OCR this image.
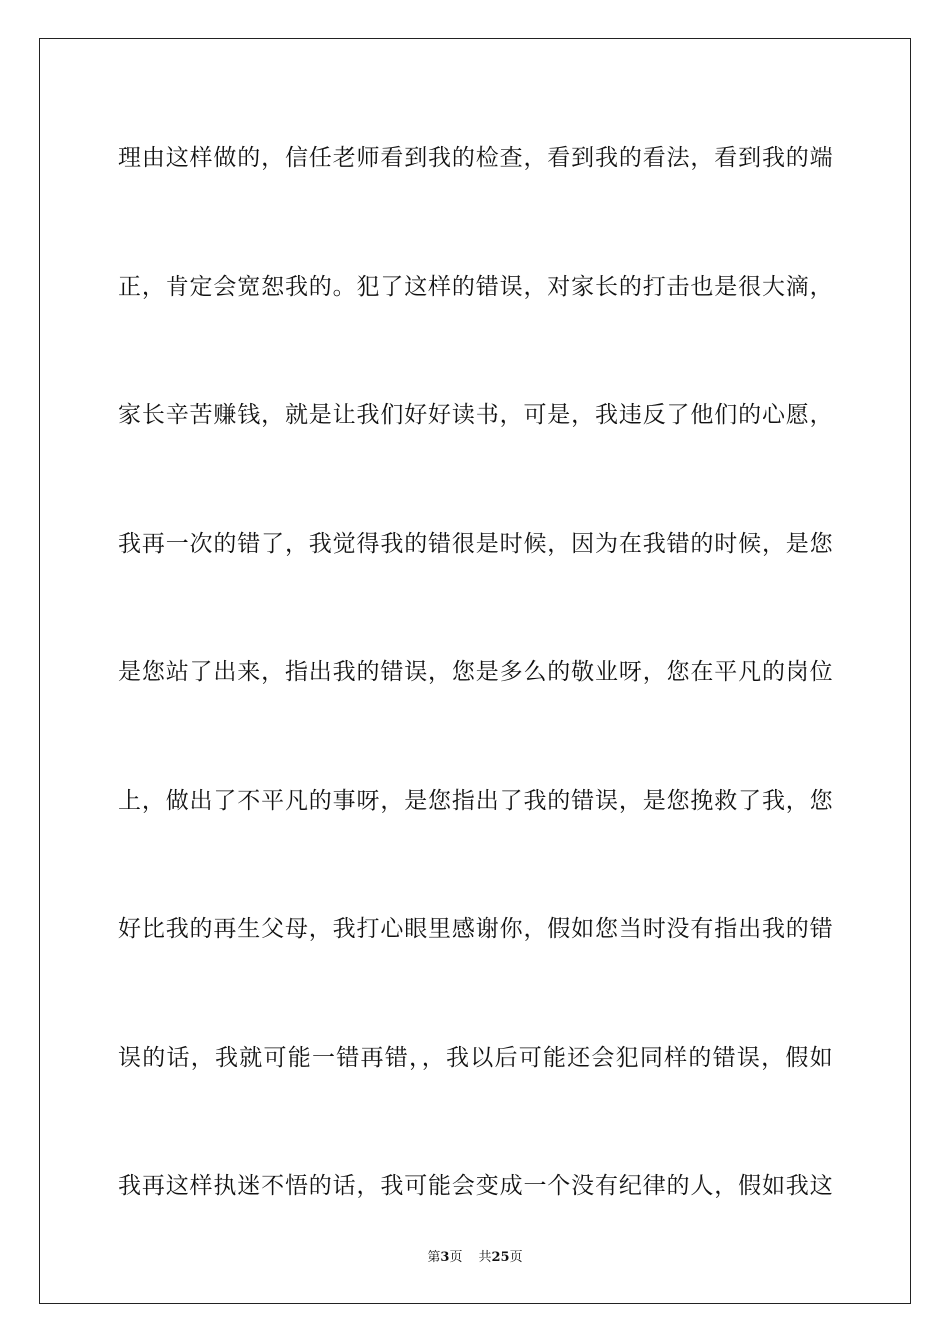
理由这样做的，信任老师看到我的检查，看到我的看法，看到我的端
正，肯定会宽恕我的。犯了这样的错误，对家长的打击也是很大滴，
家长辛苦赚钱，就是让我们好好读书，可是，我违反了他们的心愿，
我再一次的错了，我觉得我的错很是时候，因为在我错的时候，是您
是您站了出来，指出我的错误，您是多么的敬业呀，您在平凡的岗位
上，做出了不平凡的事呀，是您指出了我的错误，是您挽救了我，您
好比我的再生父母，我打心眼里感谢你，假如您当时没有指出我的错
误的话，我就可能一错再错，，我以后可能还会犯同样的错误，假如
我再这样执迷不悟的话，我可能会变成一个没有纪律的人，假如我这
第3页 共25页
